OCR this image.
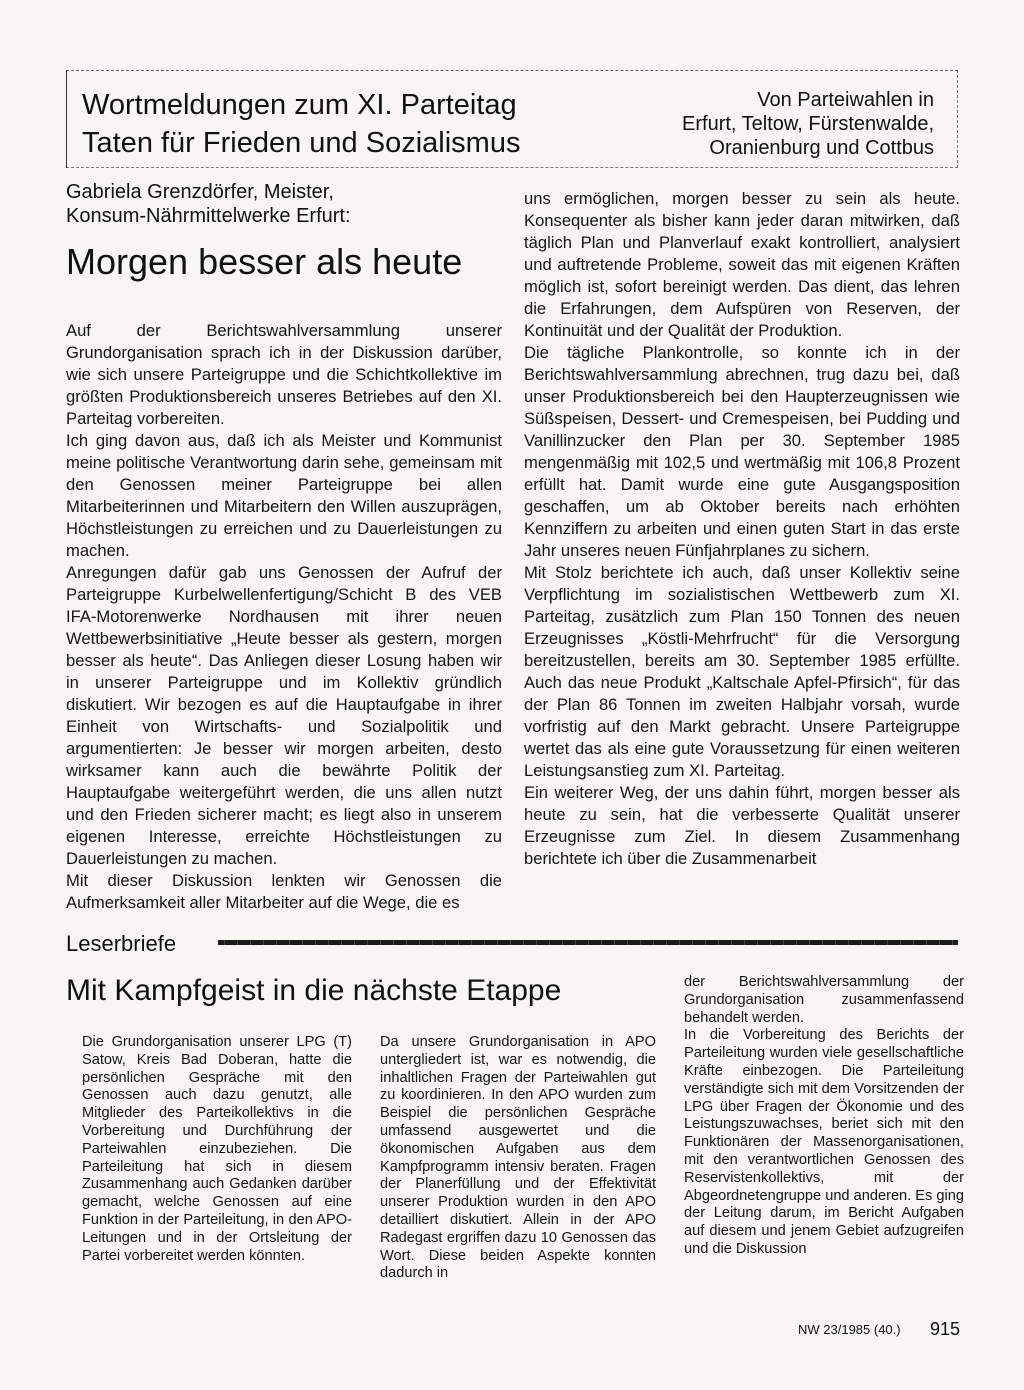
Wortmeldungen zum XI. Parteitag
Taten für Frieden und Sozialismus
Von Parteiwahlen in
Erfurt, Teltow, Fürstenwalde,
Oranienburg und Cottbus
Gabriela Grenzdörfer, Meister,
Konsum-Nährmittelwerke Erfurt:
Morgen besser als heute

Auf der Berichtswahlversammlung unserer Grundorganisation sprach ich in der Diskussion darüber, wie sich unsere Parteigruppe und die Schichtkollektive im größten Produktionsbereich unseres Betriebes auf den XI. Parteitag vorbereiten.

Ich ging davon aus, daß ich als Meister und Kommunist meine politische Verantwortung darin sehe, gemeinsam mit den Genossen meiner Parteigruppe bei allen Mitarbeiterinnen und Mitarbeitern den Willen auszuprägen, Höchstleistungen zu erreichen und zu Dauerleistungen zu machen.

Anregungen dafür gab uns Genossen der Aufruf der Parteigruppe Kurbelwellenfertigung/Schicht B des VEB IFA-Motorenwerke Nordhausen mit ihrer neuen Wettbewerbsinitiative „Heute besser als gestern, morgen besser als heute“. Das Anliegen dieser Losung haben wir in unserer Parteigruppe und im Kollektiv gründlich diskutiert. Wir bezogen es auf die Hauptaufgabe in ihrer Einheit von Wirtschafts- und Sozialpolitik und argumentierten: Je besser wir morgen arbeiten, desto wirksamer kann auch die bewährte Politik der Hauptaufgabe weitergeführt werden, die uns allen nutzt und den Frieden sicherer macht; es liegt also in unserem eigenen Interesse, erreichte Höchstleistungen zu Dauerleistungen zu machen.

Mit dieser Diskussion lenkten wir Genossen die Aufmerksamkeit aller Mitarbeiter auf die Wege, die es

uns ermöglichen, morgen besser zu sein als heute. Konsequenter als bisher kann jeder daran mitwirken, daß täglich Plan und Planverlauf exakt kontrolliert, analysiert und auftretende Probleme, soweit das mit eigenen Kräften möglich ist, sofort bereinigt werden. Das dient, das lehren die Erfahrungen, dem Aufspüren von Reserven, der Kontinuität und der Qualität der Produktion.

Die tägliche Plankontrolle, so konnte ich in der Berichtswahlversammlung abrechnen, trug dazu bei, daß unser Produktionsbereich bei den Haupterzeugnissen wie Süßspeisen, Dessert- und Cremespeisen, bei Pudding und Vanillinzucker den Plan per 30. September 1985 mengenmäßig mit 102,5 und wertmäßig mit 106,8 Prozent erfüllt hat. Damit wurde eine gute Ausgangsposition geschaffen, um ab Oktober bereits nach erhöhten Kennziffern zu arbeiten und einen guten Start in das erste Jahr unseres neuen Fünfjahrplanes zu sichern.

Mit Stolz berichtete ich auch, daß unser Kollektiv seine Verpflichtung im sozialistischen Wettbewerb zum XI. Parteitag, zusätzlich zum Plan 150 Tonnen des neuen Erzeugnisses „Köstli-Mehrfrucht“ für die Versorgung bereitzustellen, bereits am 30. September 1985 erfüllte. Auch das neue Produkt „Kaltschale Apfel-Pfirsich“, für das der Plan 86 Tonnen im zweiten Halbjahr vorsah, wurde vorfristig auf den Markt gebracht. Unsere Parteigruppe wertet das als eine gute Voraussetzung für einen weiteren Leistungsanstieg zum XI. Parteitag.

Ein weiterer Weg, der uns dahin führt, morgen besser als heute zu sein, hat die verbesserte Qualität unserer Erzeugnisse zum Ziel. In diesem Zusammenhang berichtete ich über die Zusammenarbeit

Leserbriefe
Mit Kampfgeist in die nächste Etappe

Die Grundorganisation unserer LPG (T) Satow, Kreis Bad Doberan, hatte die persönlichen Gespräche mit den Genossen auch dazu genutzt, alle Mitglieder des Parteikollektivs in die Vorbereitung und Durchführung der Parteiwahlen einzubeziehen. Die Parteileitung hat sich in diesem Zusammenhang auch Gedanken darüber gemacht, welche Genossen auf eine Funktion in der Parteileitung, in den APO-Leitungen und in der Ortsleitung der Partei vorbereitet werden könnten.

Da unsere Grundorganisation in APO untergliedert ist, war es notwendig, die inhaltlichen Fragen der Parteiwahlen gut zu koordinieren. In den APO wurden zum Beispiel die persönlichen Gespräche umfassend ausgewertet und die ökonomischen Aufgaben aus dem Kampfprogramm intensiv beraten. Fragen der Planerfüllung und der Effektivität unserer Produktion wurden in den APO detailliert diskutiert. Allein in der APO Radegast ergriffen dazu 10 Genossen das Wort. Diese beiden Aspekte konnten dadurch in

der Berichtswahlversammlung der Grundorganisation zusammenfassend behandelt werden.

In die Vorbereitung des Berichts der Parteileitung wurden viele gesellschaftliche Kräfte einbezogen. Die Parteileitung verständigte sich mit dem Vorsitzenden der LPG über Fragen der Ökonomie und des Leistungszuwachses, beriet sich mit den Funktionären der Massenorganisationen, mit den verantwortlichen Genossen des Reservistenkollektivs, mit der Abgeordnetengruppe und anderen. Es ging der Leitung darum, im Bericht Aufgaben auf diesem und jenem Gebiet aufzugreifen und die Diskussion

NW 23/1985 (40.) 915
